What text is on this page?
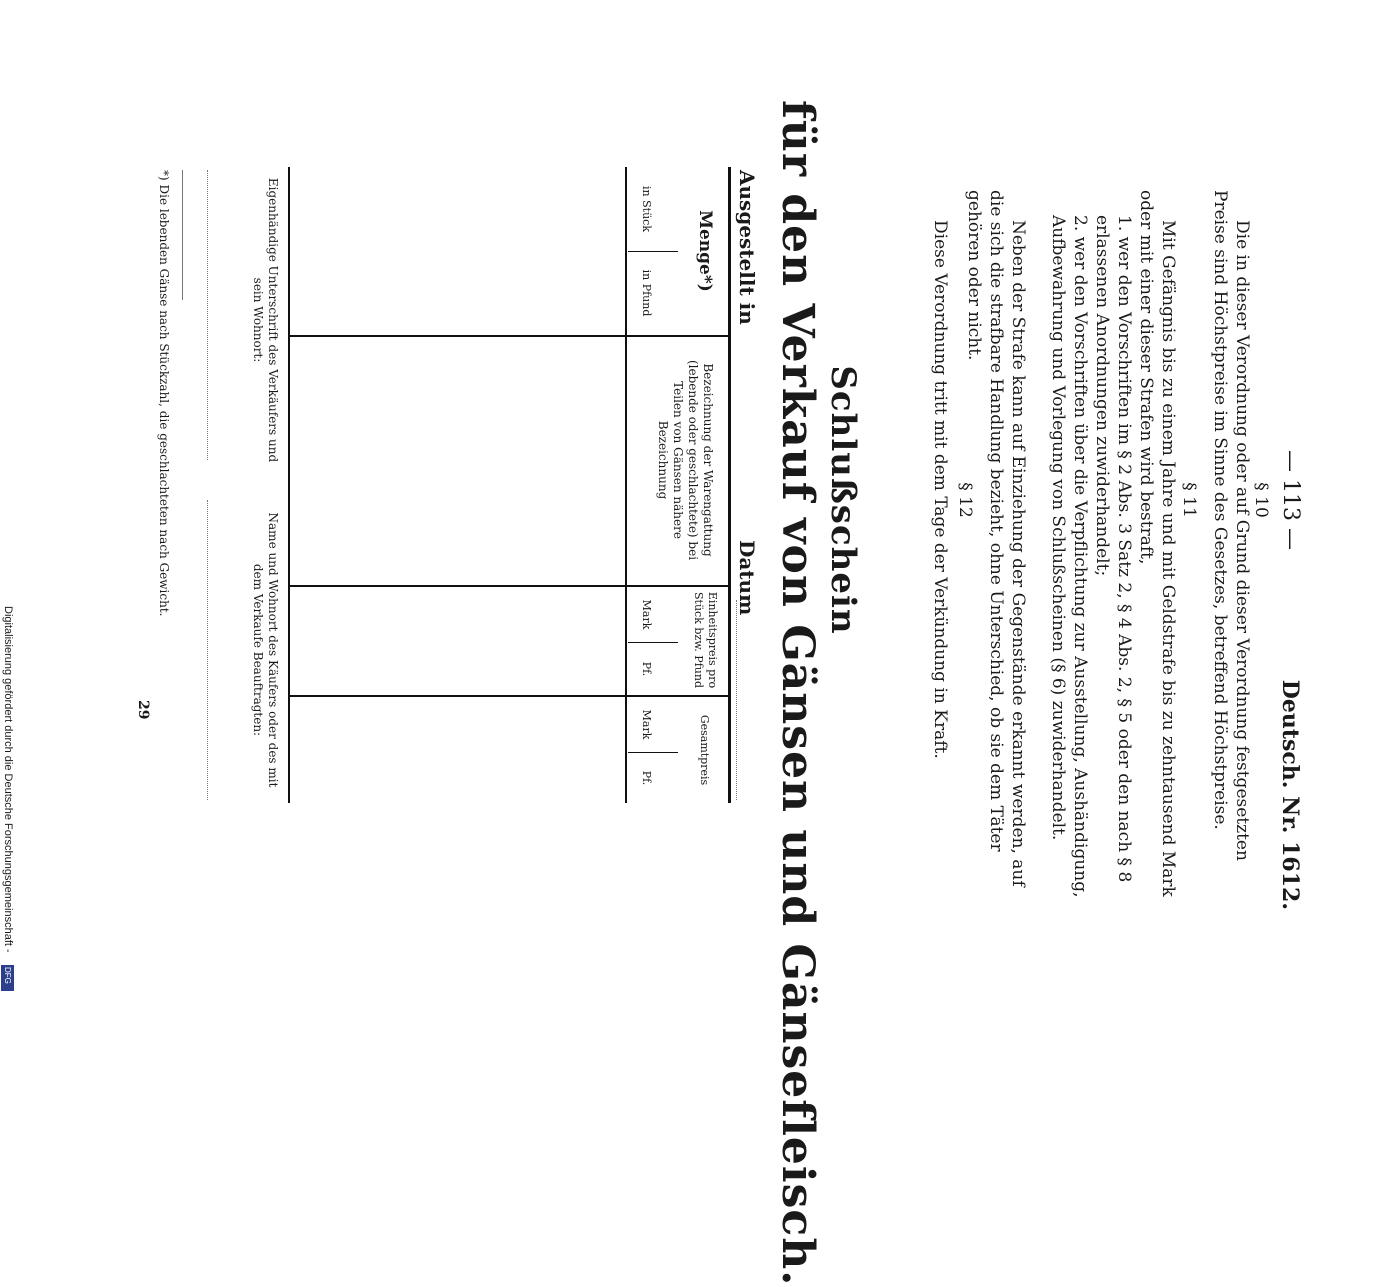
— 113 —
Deutsch. Nr. 1612.
§ 10
Die in dieser Verordnung oder auf Grund dieser Verordnung festgesetzten Preise sind Höchstpreise im Sinne des Gesetzes, betreffend Höchstpreise.
§ 11
Mit Gefängnis bis zu einem Jahre und mit Geldstrafe bis zu zehntausend Mark oder mit einer dieser Strafen wird bestraft,
1. wer den Vorschriften im § 2 Abs. 3 Satz 2, § 4 Abs. 2, § 5 oder den nach § 8 erlassenen Anordnungen zuwiderhandelt;
2. wer den Vorschriften über die Verpflichtung zur Ausstellung, Aushändigung, Aufbewahrung und Vorlegung von Schlußscheinen (§ 6) zuwiderhandelt.
Neben der Strafe kann auf Einziehung der Gegenstände erkannt werden, auf die sich die strafbare Handlung bezieht, ohne Unterschied, ob sie dem Täter gehören oder nicht.
§ 12
Diese Verordnung tritt mit dem Tage der Verkündung in Kraft.
Schlußschein
für den Verkauf von Gänsen und Gänsefleisch.
Ausgestellt in
Datum
Menge*)
in Stück
in Pfund
Bezeichnung der Warengattung (lebende oder geschlachtete) bei Teilen von Gänsen nähere Bezeichnung
Einheitspreis pro Stück bzw. Pfund
Mark
Pf.
Gesamtpreis
Mark
Pf.
Eigenhändige Unterschrift des Verkäufers und sein Wohnort:
Name und Wohnort des Käufers oder des mit dem Verkaufe Beauftragten:
*) Die lebenden Gänse nach Stückzahl, die geschlachteten nach Gewicht.
29
Digitalisierung gefördert durch die Deutsche Forschungsgemeinschaft -
DFG
